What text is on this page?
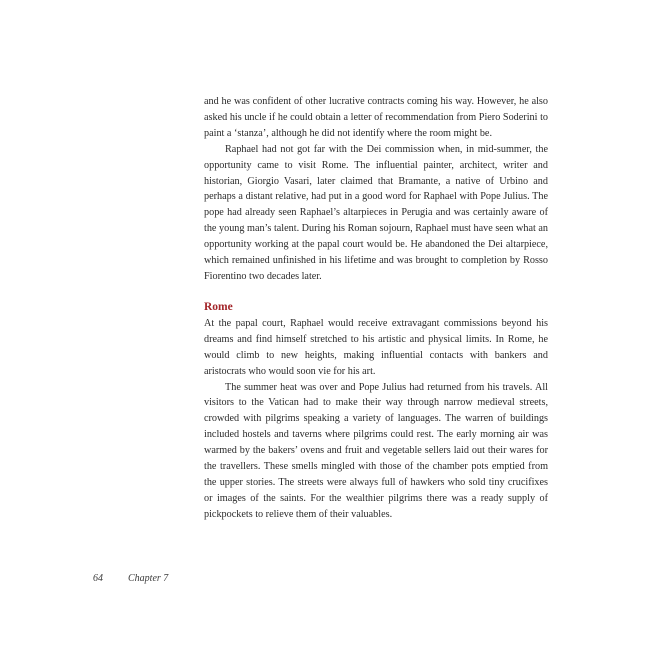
and he was confident of other lucrative contracts coming his way. However, he also asked his uncle if he could obtain a letter of recommendation from Piero Soderini to paint a ‘stanza’, although he did not identify where the room might be.

Raphael had not got far with the Dei commission when, in mid-summer, the opportunity came to visit Rome. The influential painter, architect, writer and historian, Giorgio Vasari, later claimed that Bramante, a native of Urbino and perhaps a distant relative, had put in a good word for Raphael with Pope Julius. The pope had already seen Raphael’s altarpieces in Perugia and was certainly aware of the young man’s talent. During his Roman sojourn, Raphael must have seen what an opportunity working at the papal court would be. He abandoned the Dei altarpiece, which remained unfinished in his lifetime and was brought to completion by Rosso Fiorentino two decades later.

Rome

At the papal court, Raphael would receive extravagant commissions beyond his dreams and find himself stretched to his artistic and physical limits. In Rome, he would climb to new heights, making influential contacts with bankers and aristocrats who would soon vie for his art.

The summer heat was over and Pope Julius had returned from his travels. All visitors to the Vatican had to make their way through narrow medieval streets, crowded with pilgrims speaking a variety of languages. The warren of buildings included hostels and taverns where pilgrims could rest. The early morning air was warmed by the bakers’ ovens and fruit and vegetable sellers laid out their wares for the travellers. These smells mingled with those of the chamber pots emptied from the upper stories. The streets were always full of hawkers who sold tiny crucifixes or images of the saints. For the wealthier pilgrims there was a ready supply of pickpockets to relieve them of their valuables.

64	Chapter 7
